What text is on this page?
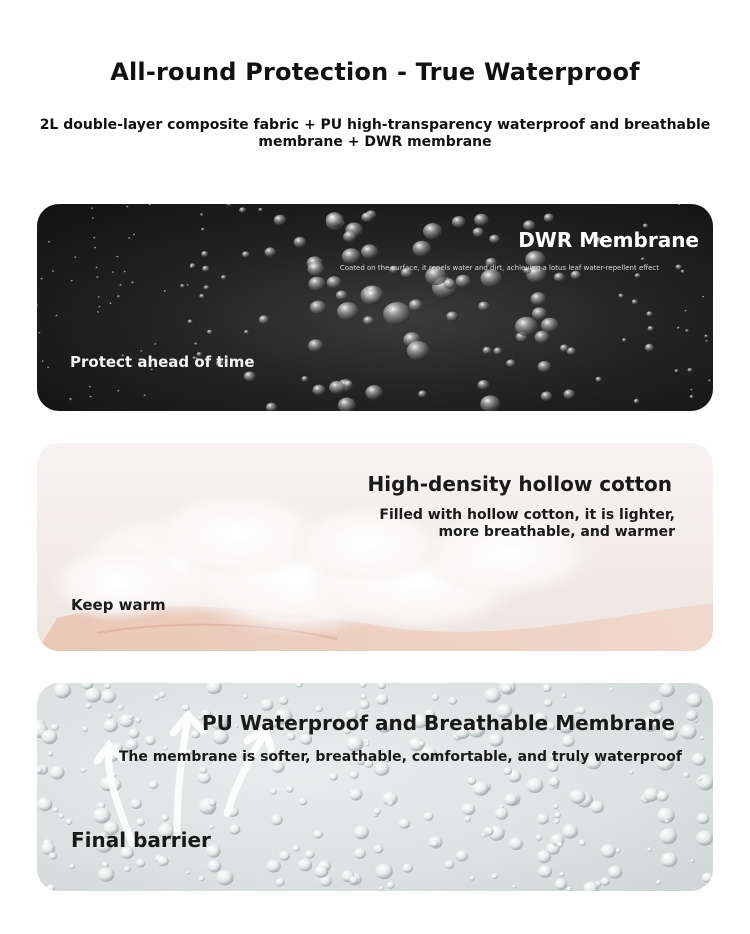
All-round Protection - True Waterproof
2L double-layer composite fabric + PU high-transparency waterproof and breathable membrane + DWR membrane
DWR Membrane
Coated on the surface, it repels water and dirt, achieving a lotus leaf water-repellent effect
Protect ahead of time
High-density hollow cotton
Filled with hollow cotton, it is lighter, more breathable, and warmer
Keep warm
PU Waterproof and Breathable Membrane
The membrane is softer, breathable, comfortable, and truly waterproof
Final barrier
